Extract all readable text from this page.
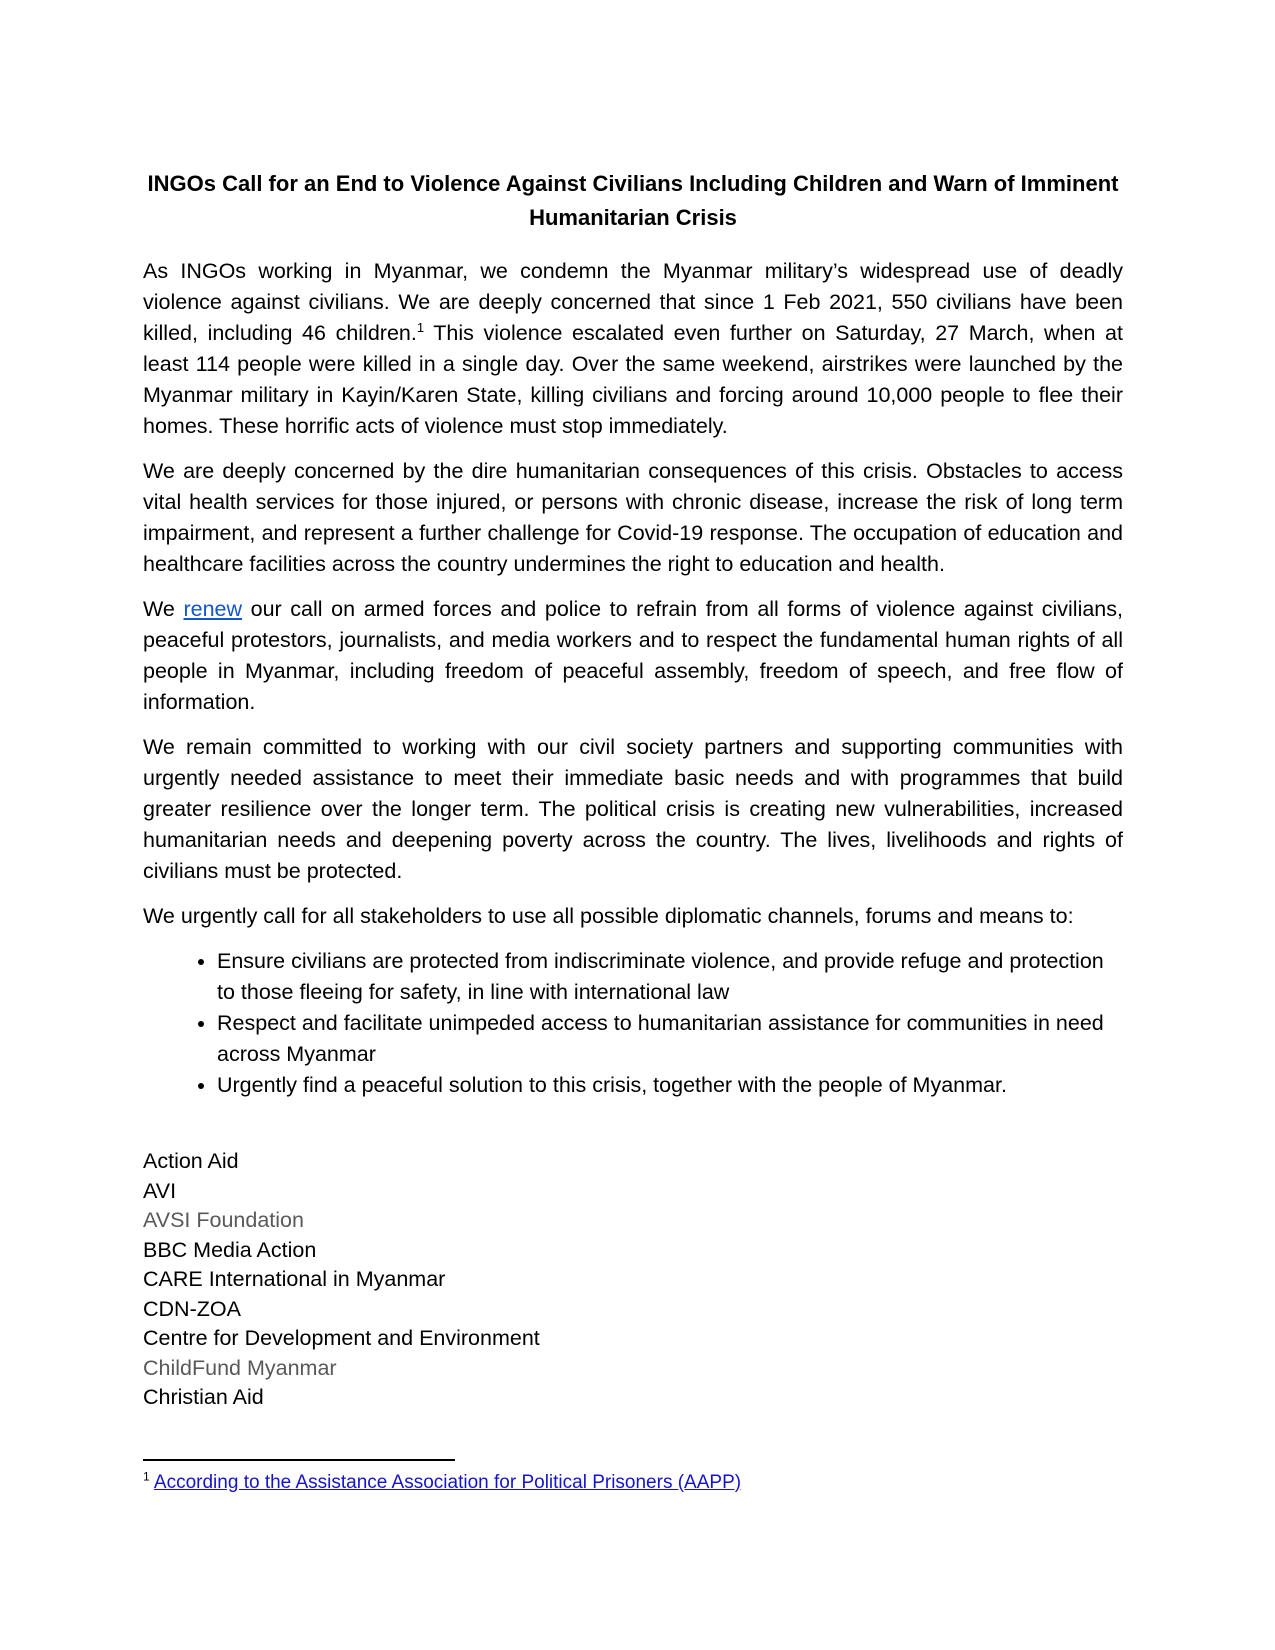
INGOs Call for an End to Violence Against Civilians Including Children and Warn of Imminent
Humanitarian Crisis

As INGOs working in Myanmar, we condemn the Myanmar military’s widespread use of deadly violence against civilians. We are deeply concerned that since 1 Feb 2021, 550 civilians have been killed, including 46 children.$^1$ This violence escalated even further on Saturday, 27 March, when at least 114 people were killed in a single day. Over the same weekend, airstrikes were launched by the Myanmar military in Kayin/Karen State, killing civilians and forcing around 10,000 people to flee their homes. These horrific acts of violence must stop immediately.

We are deeply concerned by the dire humanitarian consequences of this crisis. Obstacles to access vital health services for those injured, or persons with chronic disease, increase the risk of long term impairment, and represent a further challenge for Covid-19 response. The occupation of education and healthcare facilities across the country undermines the right to education and health.

We renew our call on armed forces and police to refrain from all forms of violence against civilians, peaceful protestors, journalists, and media workers and to respect the fundamental human rights of all people in Myanmar, including freedom of peaceful assembly, freedom of speech, and free flow of information.

We remain committed to working with our civil society partners and supporting communities with urgently needed assistance to meet their immediate basic needs and with programmes that build greater resilience over the longer term. The political crisis is creating new vulnerabilities, increased humanitarian needs and deepening poverty across the country. The lives, livelihoods and rights of civilians must be protected.

We urgently call for all stakeholders to use all possible diplomatic channels, forums and means to:

• Ensure civilians are protected from indiscriminate violence, and provide refuge and protection to those fleeing for safety, in line with international law
• Respect and facilitate unimpeded access to humanitarian assistance for communities in need across Myanmar
• Urgently find a peaceful solution to this crisis, together with the people of Myanmar.

Action Aid

AVI

AVSI Foundation

BBC Media Action

CARE International in Myanmar

CDN-ZOA

Centre for Development and Environment

ChildFund Myanmar

Christian Aid

$^1$ According to the Assistance Association for Political Prisoners (AAPP)
